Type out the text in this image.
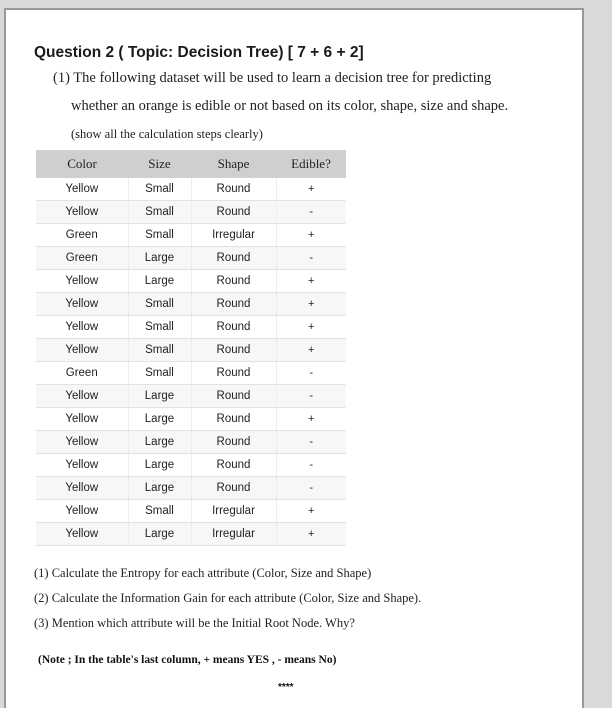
Question 2 ( Topic: Decision Tree) [ 7 + 6 + 2]
(1) The following dataset will be used to learn a decision tree for predicting
whether an orange is edible or not based on its color, shape, size and shape.
(show all the calculation steps clearly)
Color	Size	Shape	Edible?
Yellow	Small	Round	+
Yellow	Small	Round	-
Green	Small	Irregular	+
Green	Large	Round	-
Yellow	Large	Round	+
Yellow	Small	Round	+
Yellow	Small	Round	+
Yellow	Small	Round	+
Green	Small	Round	-
Yellow	Large	Round	-
Yellow	Large	Round	+
Yellow	Large	Round	-
Yellow	Large	Round	-
Yellow	Large	Round	-
Yellow	Small	Irregular	+
Yellow	Large	Irregular	+
(1) Calculate the Entropy for each attribute (Color, Size and Shape)
(2) Calculate the Information Gain for each attribute (Color, Size and Shape).
(3) Mention which attribute will be the Initial Root Node. Why?
(Note ; In the table's last column, + means YES , - means No)
****
